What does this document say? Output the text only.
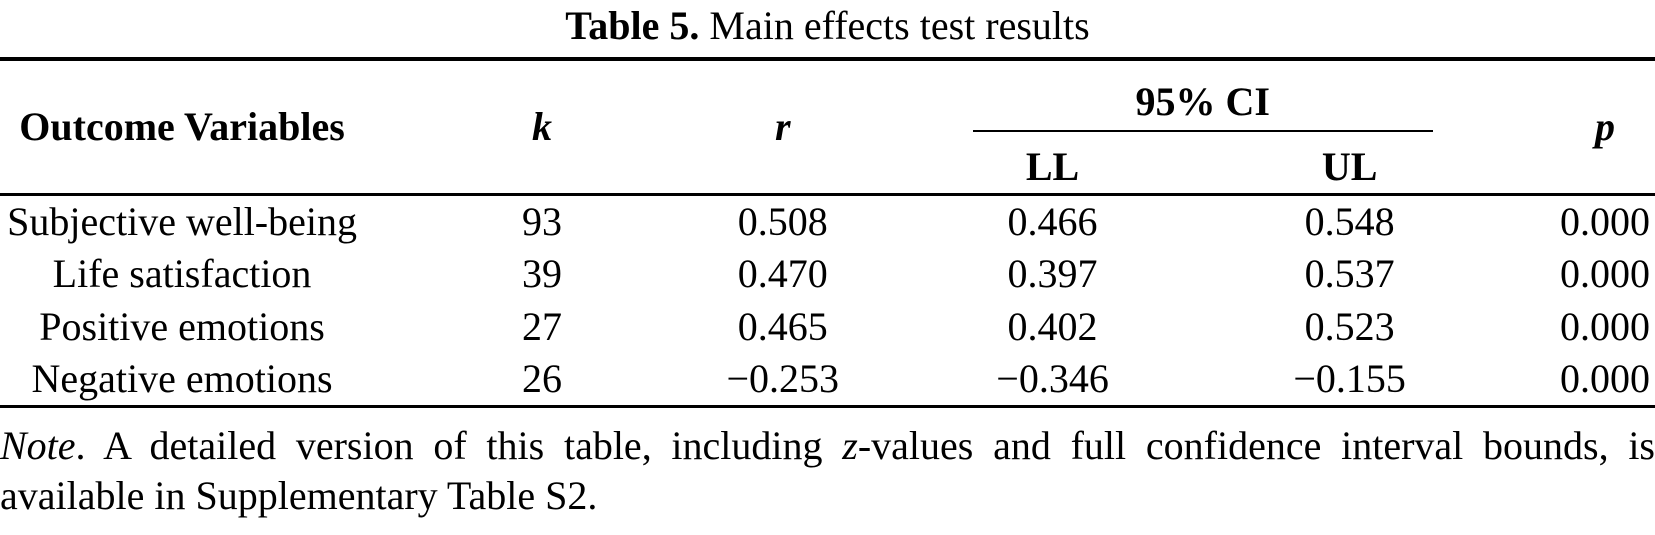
Table 5. Main effects test results
Outcome Variables	k	r	95% CI		p
			LL	UL	
Subjective well-being	93	0.508	0.466	0.548	0.000
Life satisfaction	39	0.470	0.397	0.537	0.000
Positive emotions	27	0.465	0.402	0.523	0.000
Negative emotions	26	−0.253	−0.346	−0.155	0.000
Note. A detailed version of this table, including z-values and full confidence interval bounds, is
available in Supplementary Table S2.
